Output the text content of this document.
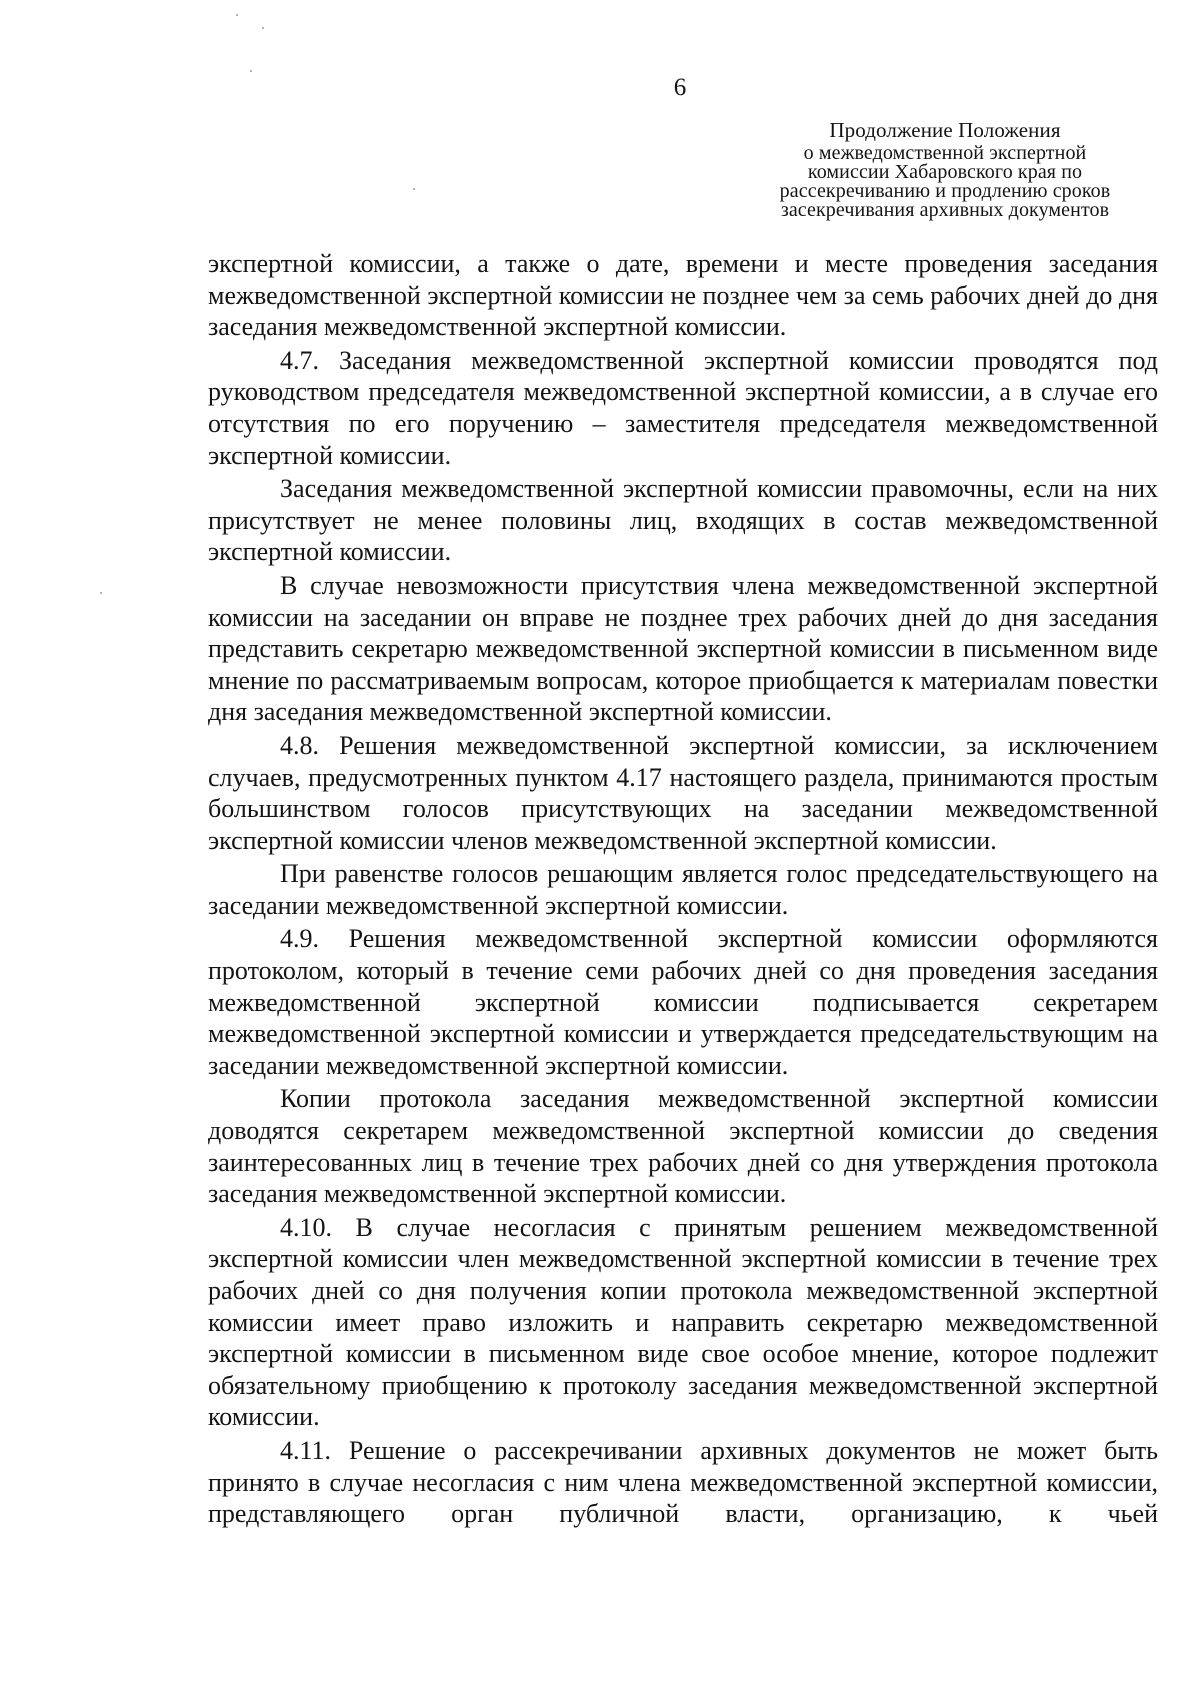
6
Продолжение Положения
о межведомственной экспертной
комиссии Хабаровского края по
рассекречиванию и продлению сроков
засекречивания архивных документов

экспертной комиссии, а также о дате, времени и месте проведения заседания межведомственной экспертной комиссии не позднее чем за семь рабочих дней до дня заседания межведомственной экспертной комиссии.

4.7. Заседания межведомственной экспертной комиссии проводятся под руководством председателя межведомственной экспертной комиссии, а в случае его отсутствия по его поручению – заместителя председателя межведомственной экспертной комиссии.

Заседания межведомственной экспертной комиссии правомочны, если на них присутствует не менее половины лиц, входящих в состав межведомственной экспертной комиссии.

В случае невозможности присутствия члена межведомственной экспертной комиссии на заседании он вправе не позднее трех рабочих дней до дня заседания представить секретарю межведомственной экспертной комиссии в письменном виде мнение по рассматриваемым вопросам, которое приобщается к материалам повестки дня заседания межведомственной экспертной комиссии.

4.8. Решения межведомственной экспертной комиссии, за исключением случаев, предусмотренных пунктом 4.17 настоящего раздела, принимаются простым большинством голосов присутствующих на заседании межведомственной экспертной комиссии членов межведомственной экспертной комиссии.

При равенстве голосов решающим является голос председательствующего на заседании межведомственной экспертной комиссии.

4.9. Решения межведомственной экспертной комиссии оформляются протоколом, который в течение семи рабочих дней со дня проведения заседания межведомственной экспертной комиссии подписывается секретарем межведомственной экспертной комиссии и утверждается председательствующим на заседании межведомственной экспертной комиссии.

Копии протокола заседания межведомственной экспертной комиссии доводятся секретарем межведомственной экспертной комиссии до сведения заинтересованных лиц в течение трех рабочих дней со дня утверждения протокола заседания межведомственной экспертной комиссии.

4.10. В случае несогласия с принятым решением межведомственной экспертной комиссии член межведомственной экспертной комиссии в течение трех рабочих дней со дня получения копии протокола межведомственной экспертной комиссии имеет право изложить и направить секретарю межведомственной экспертной комиссии в письменном виде свое особое мнение, которое подлежит обязательному приобщению к протоколу заседания межведомственной экспертной комиссии.

4.11. Решение о рассекречивании архивных документов не может быть принято в случае несогласия с ним члена межведомственной экспертной комиссии, представляющего орган публичной власти, организацию, к чьей
